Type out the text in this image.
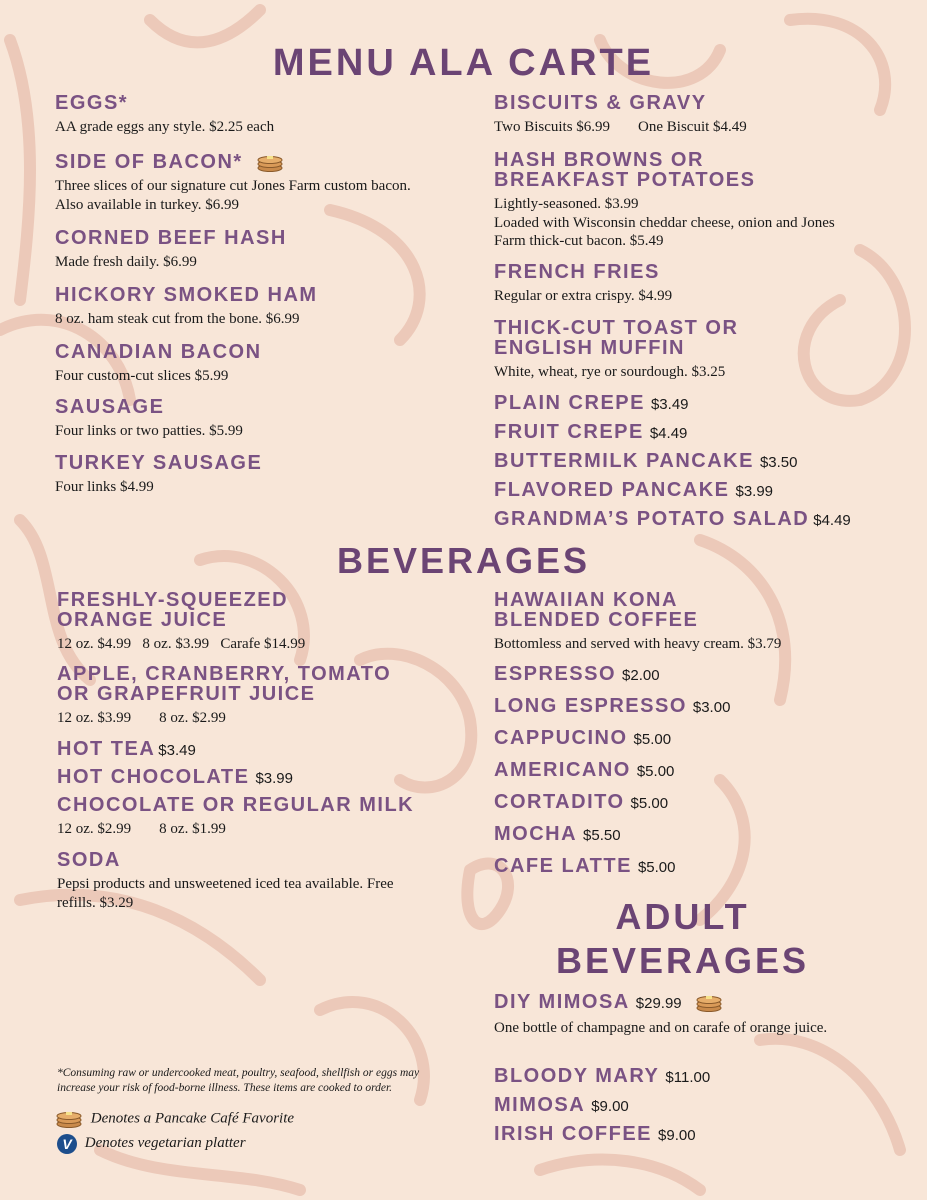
MENU ALA CARTE
EGGS*
AA grade eggs any style. $2.25 each
SIDE OF BACON*
Three slices of our signature cut Jones Farm custom bacon. Also available in turkey. $6.99
CORNED BEEF HASH
Made fresh daily. $6.99
HICKORY SMOKED HAM
8 oz. ham steak cut from the bone. $6.99
CANADIAN BACON
Four custom-cut slices $5.99
SAUSAGE
Four links or two patties. $5.99
TURKEY SAUSAGE
Four links $4.99
BISCUITS & GRAVY
Two Biscuits $6.99 One Biscuit $4.49
HASH BROWNS OR
BREAKFAST POTATOES
Lightly-seasoned. $3.99
Loaded with Wisconsin cheddar cheese, onion and Jones Farm thick-cut bacon. $5.49
FRENCH FRIES
Regular or extra crispy. $4.99
THICK-CUT TOAST OR
ENGLISH MUFFIN
White, wheat, rye or sourdough. $3.25
PLAIN CREPE $3.49
FRUIT CREPE $4.49
BUTTERMILK PANCAKE $3.50
FLAVORED PANCAKE $3.99
GRANDMA’S POTATO SALAD $4.49
BEVERAGES
FRESHLY-SQUEEZED
ORANGE JUICE
12 oz. $4.99 8 oz. $3.99 Carafe $14.99
APPLE, CRANBERRY, TOMATO
OR GRAPEFRUIT JUICE
12 oz. $3.99 8 oz. $2.99
HOT TEA $3.49
HOT CHOCOLATE $3.99
CHOCOLATE OR REGULAR MILK
12 oz. $2.99 8 oz. $1.99
SODA
Pepsi products and unsweetened iced tea available. Free refills. $3.29
HAWAIIAN KONA
BLENDED COFFEE
Bottomless and served with heavy cream. $3.79
ESPRESSO $2.00
LONG ESPRESSO $3.00
CAPPUCINO $5.00
AMERICANO $5.00
CORTADITO $5.00
MOCHA $5.50
CAFE LATTE $5.00
ADULT
BEVERAGES
DIY MIMOSA $29.99
One bottle of champagne and on carafe of orange juice.
BLOODY MARY $11.00
MIMOSA $9.00
IRISH COFFEE $9.00
*Consuming raw or undercooked meat, poultry, seafood, shellfish or eggs may increase your risk of food-borne illness. These items are cooked to order.
Denotes a Pancake Café Favorite
V Denotes vegetarian platter
